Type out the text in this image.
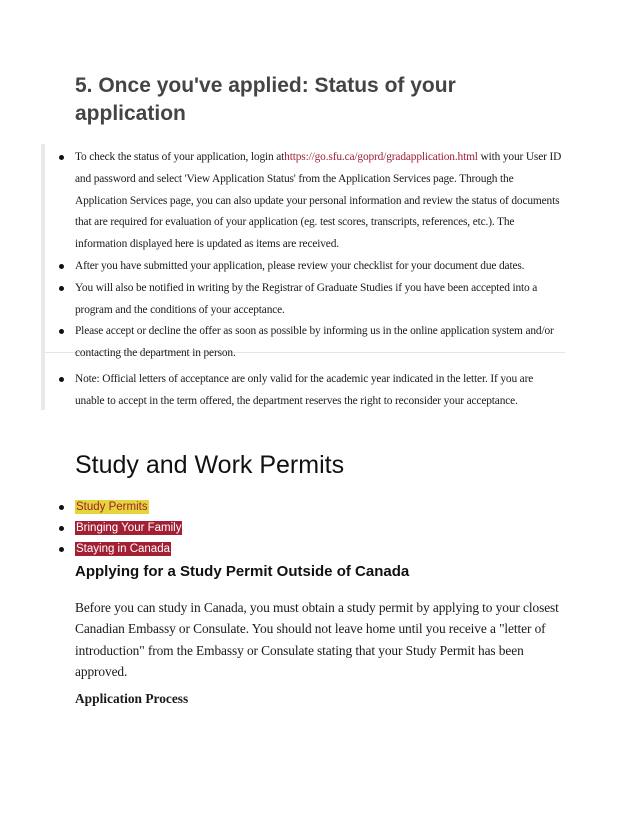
5. Once you've applied: Status of your application
To check the status of your application, login athttps://go.sfu.ca/goprd/gradapplication.html with your User ID and password and select 'View Application Status' from the Application Services page. Through the Application Services page, you can also update your personal information and review the status of documents that are required for evaluation of your application (eg. test scores, transcripts, references, etc.). The information displayed here is updated as items are received.
After you have submitted your application, please review your checklist for your document due dates.
You will also be notified in writing by the Registrar of Graduate Studies if you have been accepted into a program and the conditions of your acceptance.
Please accept or decline the offer as soon as possible by informing us in the online application system and/or contacting the department in person.
Note: Official letters of acceptance are only valid for the academic year indicated in the letter. If you are unable to accept in the term offered, the department reserves the right to reconsider your acceptance.
Study and Work Permits
Study Permits
Bringing Your Family
Staying in Canada
Applying for a Study Permit Outside of Canada

Before you can study in Canada, you must obtain a study permit by applying to your closest Canadian Embassy or Consulate. You should not leave home until you receive a "letter of introduction" from the Embassy or Consulate stating that your Study Permit has been approved.

Application Process
